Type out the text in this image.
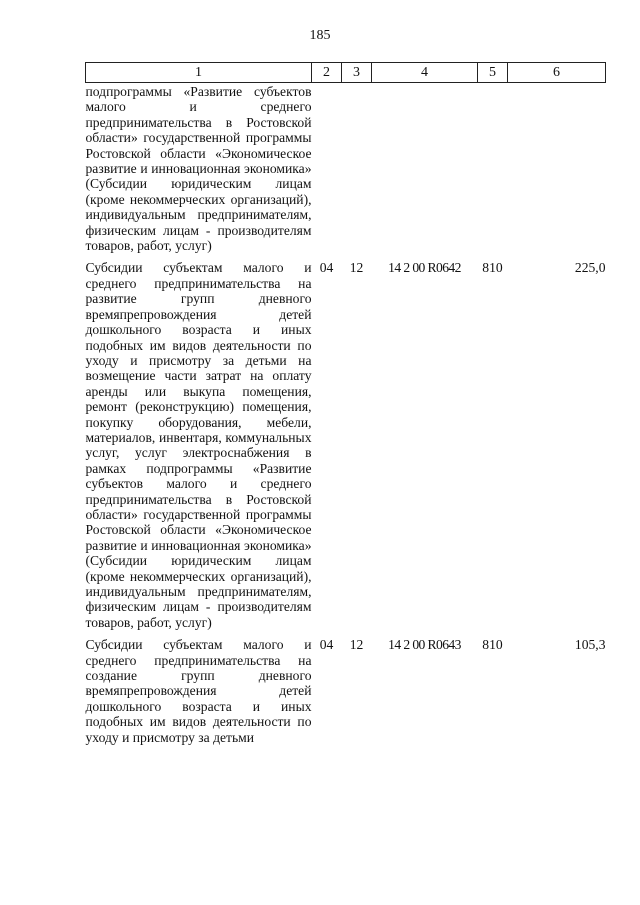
185
1	2	3	4	5	6
подпрограммы «Развитие субъектов малого и среднего предпринимательства в Ростовской области» государственной программы Ростовской области «Экономическое развитие и инновационная экономика» (Субсидии юридическим лицам (кроме некоммерческих организаций), индивидуальным предпринимателям, физическим лицам - производителям товаров, работ, услуг)					
Субсидии субъектам малого и среднего предпринимательства на развитие групп дневного времяпрепровождения детей дошкольного возраста и иных подобных им видов деятельности по уходу и присмотру за детьми на возмещение части затрат на оплату аренды или выкупа помещения, ремонт (реконструкцию) помещения, покупку оборудования, мебели, материалов, инвентаря, коммунальных услуг, услуг электроснабжения в рамках подпрограммы «Развитие субъектов малого и среднего предпринимательства в Ростовской области» государственной программы Ростовской области «Экономическое развитие и инновационная экономика» (Субсидии юридическим лицам (кроме некоммерческих организаций), индивидуальным предпринимателям, физическим лицам - производителям товаров, работ, услуг)	04	12	14 2 00 R0642	810	225,0
Субсидии субъектам малого и среднего предпринимательства на создание групп дневного времяпрепровождения детей дошкольного возраста и иных подобных им видов деятельности по уходу и присмотру за детьми	04	12	14 2 00 R0643	810	105,3
